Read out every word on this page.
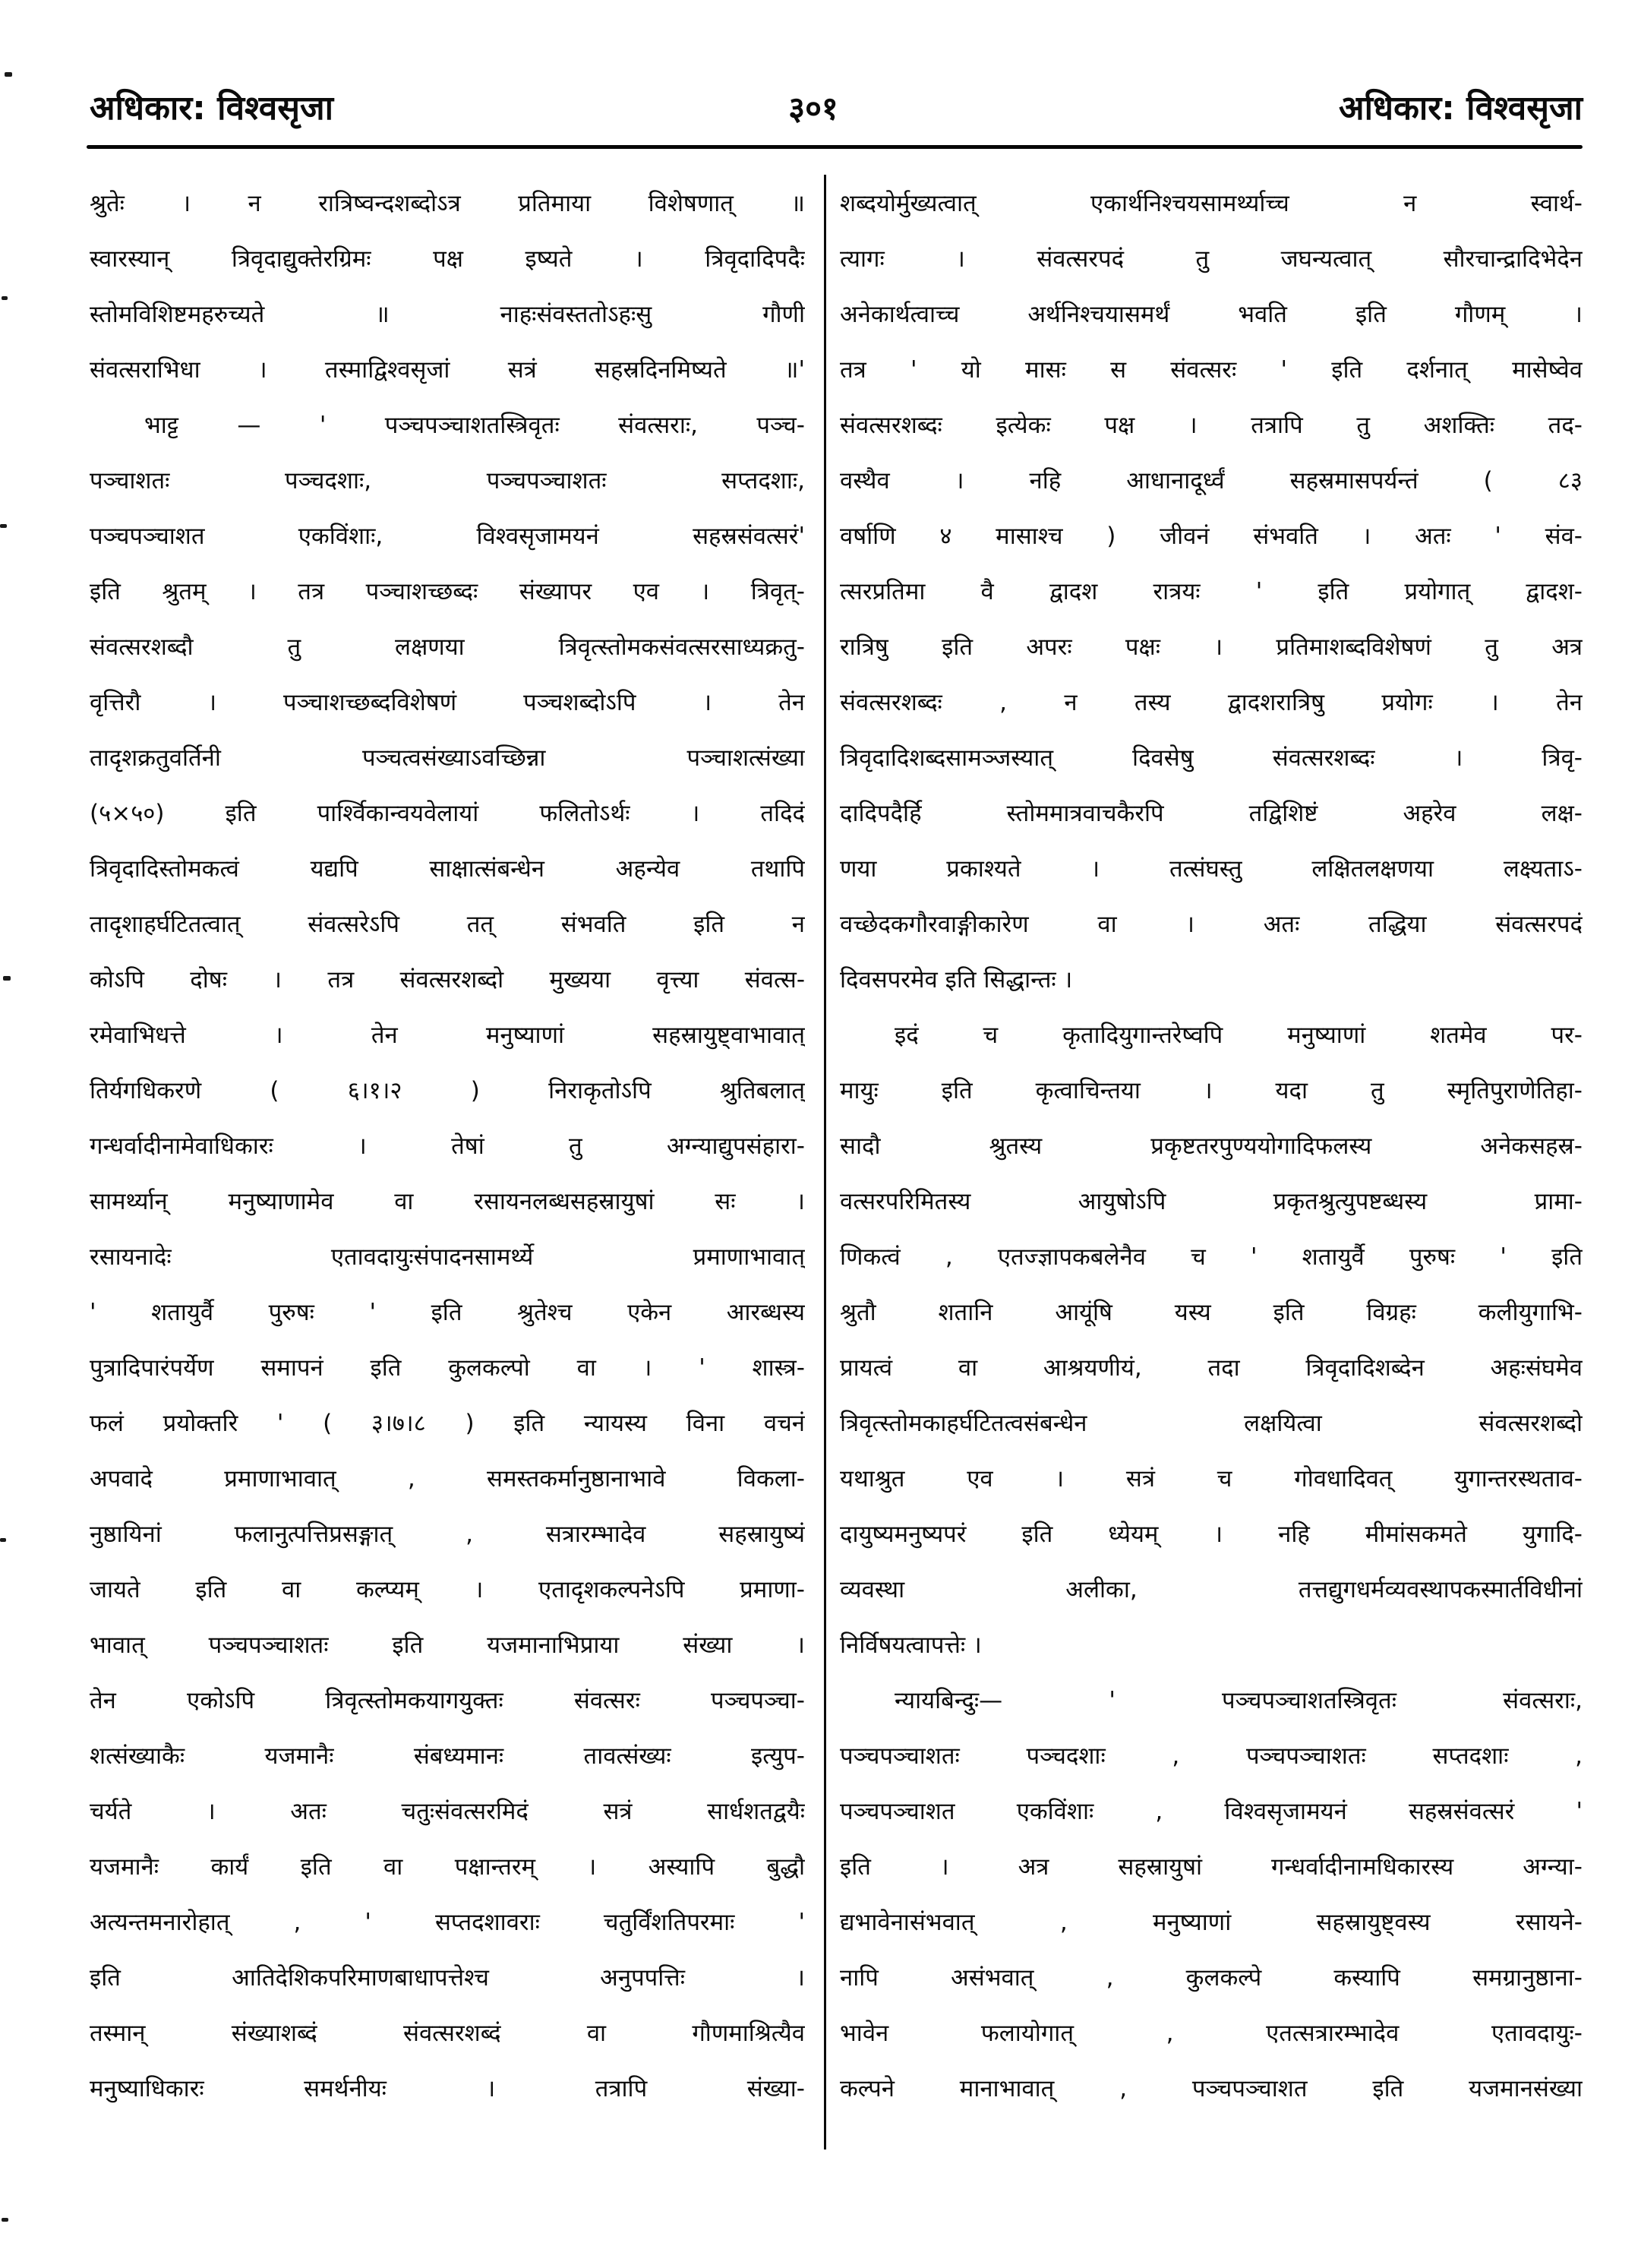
अधिकार: विश्वसृजा	३०१	अधिकार: विश्वसृजा
श्रुतेः । न रात्रिष्वन्दशब्दोऽत्र प्रतिमाया विशेषणात् ॥
स्वारस्यान् त्रिवृदाद्युक्तेरग्रिमः पक्ष इष्यते । त्रिवृदादिपदैः
स्तोमविशिष्टमहरुच्यते ॥ नाहःसंवस्ततोऽहःसु गौणी
संवत्सराभिधा । तस्माद्विश्वसृजां सत्रं सहस्रदिनमिष्यते ॥'
भाट्ट — ' पञ्चपञ्चाशतस्त्रिवृतः संवत्सराः, पञ्च-
पञ्चाशतः पञ्चदशाः, पञ्चपञ्चाशतः सप्तदशाः,
पञ्चपञ्चाशत एकविंशाः, विश्वसृजामयनं सहस्रसंवत्सरं'
इति श्रुतम् । तत्र पञ्चाशच्छब्दः संख्यापर एव । त्रिवृत्-
संवत्सरशब्दौ तु लक्षणया त्रिवृत्स्तोमकसंवत्सरसाध्यक्रतु-
वृत्तिरौ । पञ्चाशच्छब्दविशेषणं पञ्चशब्दोऽपि । तेन
तादृशक्रतुवर्तिनी पञ्चत्वसंख्याऽवच्छिन्ना पञ्चाशत्संख्या
(५×५०) इति पार्श्विकान्वयवेलायां फलितोऽर्थः । तदिदं
त्रिवृदादिस्तोमकत्वं यद्यपि साक्षात्संबन्धेन अहन्येव तथापि
तादृशाहर्घटितत्वात् संवत्सरेऽपि तत् संभवति इति न
कोऽपि दोषः । तत्र संवत्सरशब्दो मुख्यया वृत्त्या संवत्स-
रमेवाभिधत्ते । तेन मनुष्याणां सहस्रायुष्ट्वाभावात्
तिर्यगधिकरणे ( ६।१।२ ) निराकृतोऽपि श्रुतिबलात्
गन्धर्वादीनामेवाधिकारः । तेषां तु अग्न्याद्युपसंहारा-
सामर्थ्यान् मनुष्याणामेव वा रसायनलब्धसहस्रायुषां सः ।
रसायनादेः एतावदायुःसंपादनसामर्थ्ये प्रमाणाभावात्
' शतायुर्वै पुरुषः ' इति श्रुतेश्च एकेन आरब्धस्य
पुत्रादिपारंपर्येण समापनं इति कुलकल्पो वा । ' शास्त्र-
फलं प्रयोक्तरि ' ( ३।७।८ ) इति न्यायस्य विना वचनं
अपवादे प्रमाणाभावात् , समस्तकर्मानुष्ठानाभावे विकला-
नुष्ठायिनां फलानुत्पत्तिप्रसङ्गात् , सत्रारम्भादेव सहस्रायुष्यं
जायते इति वा कल्प्यम् । एतादृशकल्पनेऽपि प्रमाणा-
भावात् पञ्चपञ्चाशतः इति यजमानाभिप्राया संख्या ।
तेन एकोऽपि त्रिवृत्स्तोमकयागयुक्तः संवत्सरः पञ्चपञ्चा-
शत्संख्याकैः यजमानैः संबध्यमानः तावत्संख्यः इत्युप-
चर्यते । अतः चतुःसंवत्सरमिदं सत्रं सार्धशतद्वयैः
यजमानैः कार्यं इति वा पक्षान्तरम् । अस्यापि बुद्धौ
अत्यन्तमनारोहात् , ' सप्तदशावराः चतुर्विंशतिपरमाः '
इति आतिदेशिकपरिमाणबाधापत्तेश्च अनुपपत्तिः ।
तस्मान् संख्याशब्दं संवत्सरशब्दं वा गौणमाश्रित्यैव
मनुष्याधिकारः समर्थनीयः । तत्रापि संख्या-
शब्दयोर्मुख्यत्वात् एकार्थनिश्चयसामर्थ्याच्च न स्वार्थ-
त्यागः । संवत्सरपदं तु जघन्यत्वात् सौरचान्द्रादिभेदेन
अनेकार्थत्वाच्च अर्थनिश्चयासमर्थं भवति इति गौणम् ।
तत्र ' यो मासः स संवत्सरः ' इति दर्शनात् मासेष्वेव
संवत्सरशब्दः इत्येकः पक्ष । तत्रापि तु अशक्तिः तद-
वस्थैव । नहि आधानादूर्ध्वं सहस्रमासपर्यन्तं ( ८३
वर्षाणि ४ मासाश्च ) जीवनं संभवति । अतः ' संव-
त्सरप्रतिमा वै द्वादश रात्रयः ' इति प्रयोगात् द्वादश-
रात्रिषु इति अपरः पक्षः । प्रतिमाशब्दविशेषणं तु अत्र
संवत्सरशब्दः , न तस्य द्वादशरात्रिषु प्रयोगः । तेन
त्रिवृदादिशब्दसामञ्जस्यात् दिवसेषु संवत्सरशब्दः । त्रिवृ-
दादिपदैर्हि स्तोममात्रवाचकैरपि तद्विशिष्टं अहरेव लक्ष-
णया प्रकाश्यते । तत्संघस्तु लक्षितलक्षणया लक्ष्यताऽ-
वच्छेदकगौरवाङ्गीकारेण वा । अतः तद्धिया संवत्सरपदं
दिवसपरमेव इति सिद्धान्तः ।
इदं च कृतादियुगान्तरेष्वपि मनुष्याणां शतमेव पर-
मायुः इति कृत्वाचिन्तया । यदा तु स्मृतिपुराणेतिहा-
सादौ श्रुतस्य प्रकृष्टतरपुण्ययोगादिफलस्य अनेकसहस्र-
वत्सरपरिमितस्य आयुषोऽपि प्रकृतश्रुत्युपष्टब्धस्य प्रामा-
णिकत्वं , एतज्ज्ञापकबलेनैव च ' शतायुर्वै पुरुषः ' इति
श्रुतौ शतानि आयूंषि यस्य इति विग्रहः कलीयुगाभि-
प्रायत्वं वा आश्रयणीयं, तदा त्रिवृदादिशब्देन अहःसंघमेव
त्रिवृत्स्तोमकाहर्घटितत्वसंबन्धेन लक्षयित्वा संवत्सरशब्दो
यथाश्रुत एव । सत्रं च गोवधादिवत् युगान्तरस्थताव-
दायुष्यमनुष्यपरं इति ध्येयम् । नहि मीमांसकमते युगादि-
व्यवस्था अलीका, तत्तद्युगधर्मव्यवस्थापकस्मार्तविधीनां
निर्विषयत्वापत्तेः ।
न्यायबिन्दुः— ' पञ्चपञ्चाशतस्त्रिवृतः संवत्सराः,
पञ्चपञ्चाशतः पञ्चदशाः , पञ्चपञ्चाशतः सप्तदशाः ,
पञ्चपञ्चाशत एकविंशाः , विश्वसृजामयनं सहस्रसंवत्सरं '
इति । अत्र सहस्रायुषां गन्धर्वादीनामधिकारस्य अग्न्या-
द्यभावेनासंभवात् , मनुष्याणां सहस्रायुष्ट्वस्य रसायने-
नापि असंभवात् , कुलकल्पे कस्यापि समग्रानुष्ठाना-
भावेन फलायोगात् , एतत्सत्रारम्भादेव एतावदायुः-
कल्पने मानाभावात् , पञ्चपञ्चाशत इति यजमानसंख्या
